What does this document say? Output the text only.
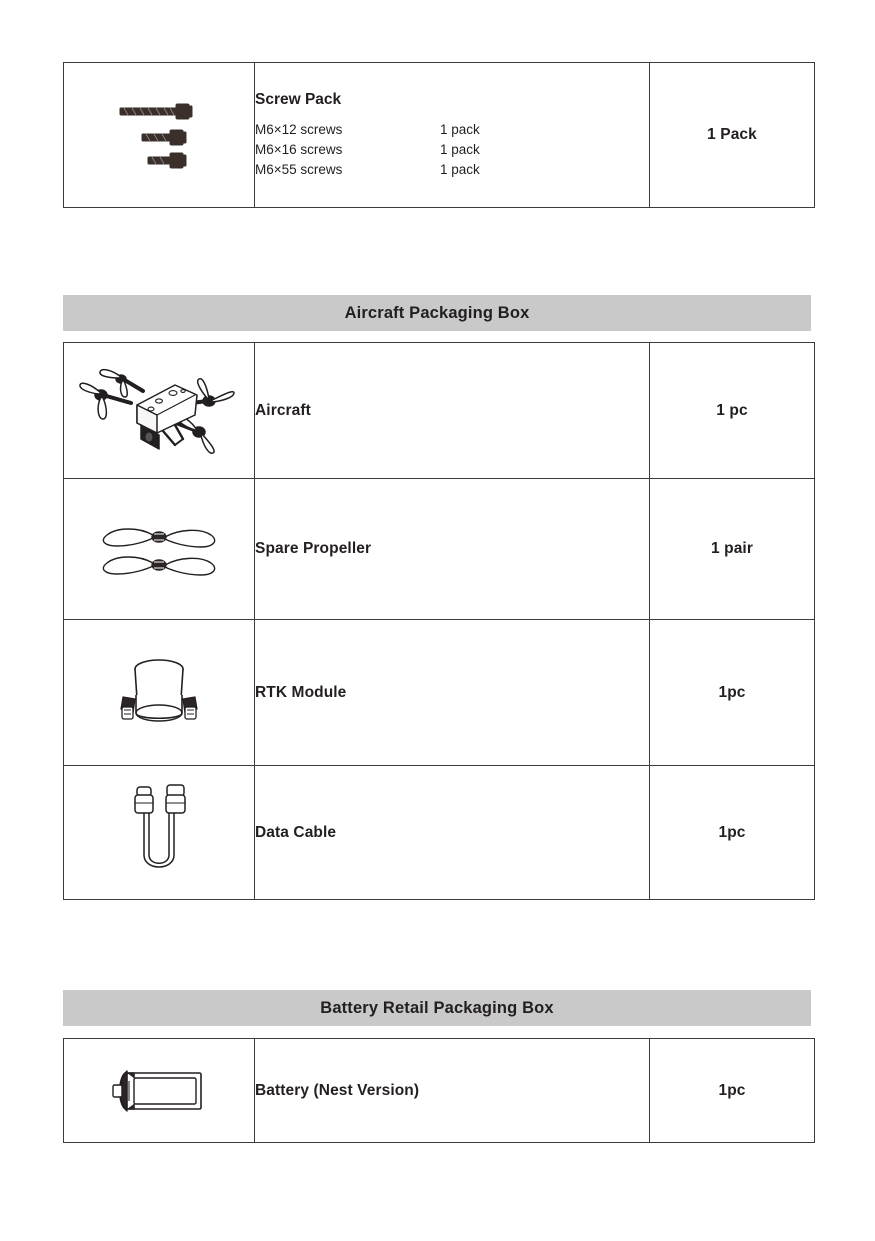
Screw Pack
M6×12 screws	1 pack
M6×16 screws	1 pack
M6×55 screws	1 pack
	1 Pack
Aircraft Packaging Box
	Aircraft	1 pc

	Spare Propeller	1 pair

	RTK Module	1pc

	Data Cable	1pc
Battery Retail Packaging Box
	Battery (Nest Version)	1pc
